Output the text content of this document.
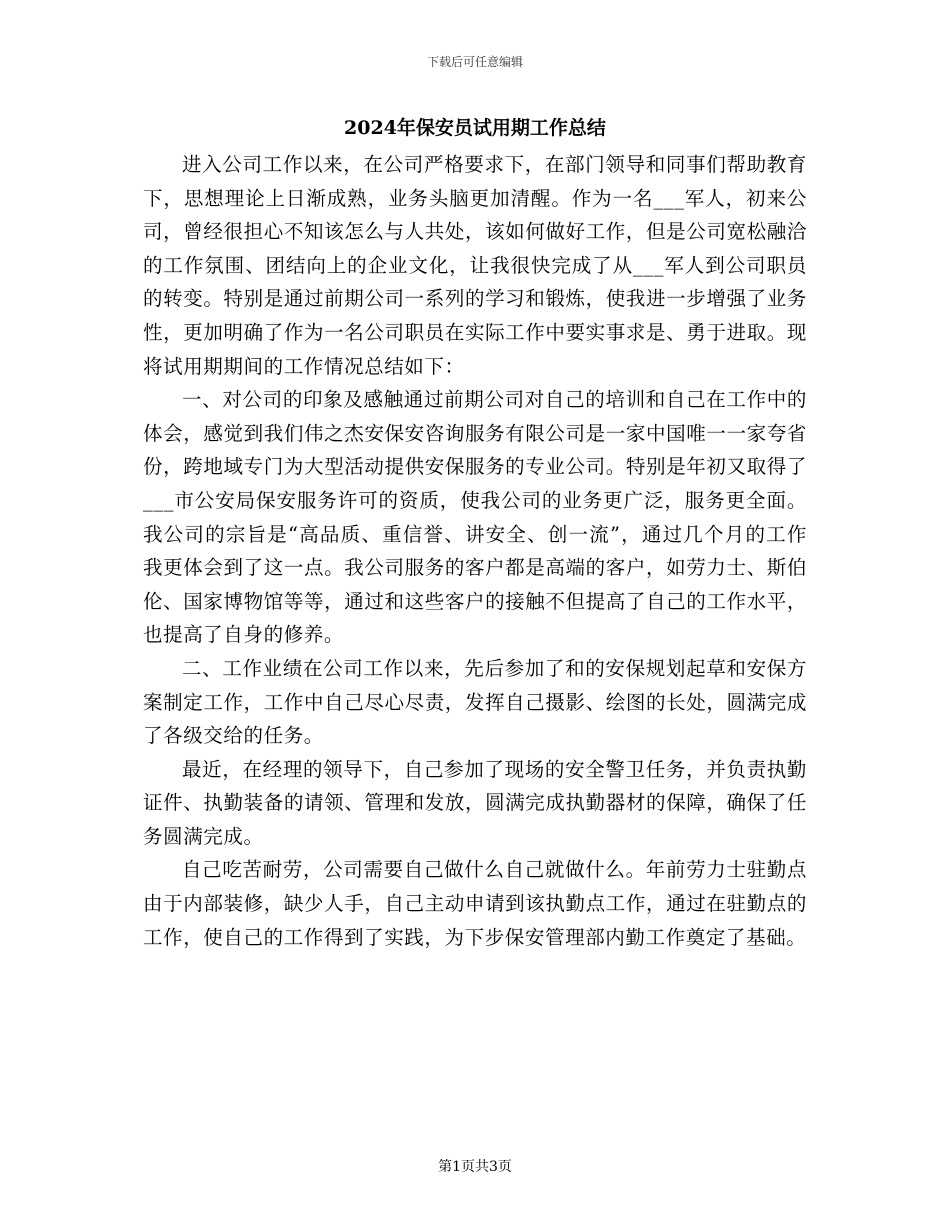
下载后可任意编辑
2024年保安员试用期工作总结

进入公司工作以来，在公司严格要求下，在部门领导和同事们帮助教育下，思想理论上日渐成熟，业务头脑更加清醒。作为一名___军人，初来公司，曾经很担心不知该怎么与人共处，该如何做好工作，但是公司宽松融洽的工作氛围、团结向上的企业文化，让我很快完成了从___军人到公司职员的转变。特别是通过前期公司一系列的学习和锻炼，使我进一步增强了业务性，更加明确了作为一名公司职员在实际工作中要实事求是、勇于进取。现将试用期期间的工作情况总结如下：

一、对公司的印象及感触通过前期公司对自己的培训和自己在工作中的体会，感觉到我们伟之杰安保安咨询服务有限公司是一家中国唯一一家夸省份，跨地域专门为大型活动提供安保服务的专业公司。特别是年初又取得了___市公安局保安服务许可的资质，使我公司的业务更广泛，服务更全面。我公司的宗旨是“高品质、重信誉、讲安全、创一流”，通过几个月的工作我更体会到了这一点。我公司服务的客户都是高端的客户，如劳力士、斯伯伦、国家博物馆等等，通过和这些客户的接触不但提高了自己的工作水平，也提高了自身的修养。

二、工作业绩在公司工作以来，先后参加了和的安保规划起草和安保方案制定工作，工作中自己尽心尽责，发挥自己摄影、绘图的长处，圆满完成了各级交给的任务。

最近，在经理的领导下，自己参加了现场的安全警卫任务，并负责执勤证件、执勤装备的请领、管理和发放，圆满完成执勤器材的保障，确保了任务圆满完成。

自己吃苦耐劳，公司需要自己做什么自己就做什么。年前劳力士驻勤点由于内部装修，缺少人手，自己主动申请到该执勤点工作，通过在驻勤点的工作，使自己的工作得到了实践，为下步保安管理部内勤工作奠定了基础。

第1页共3页
